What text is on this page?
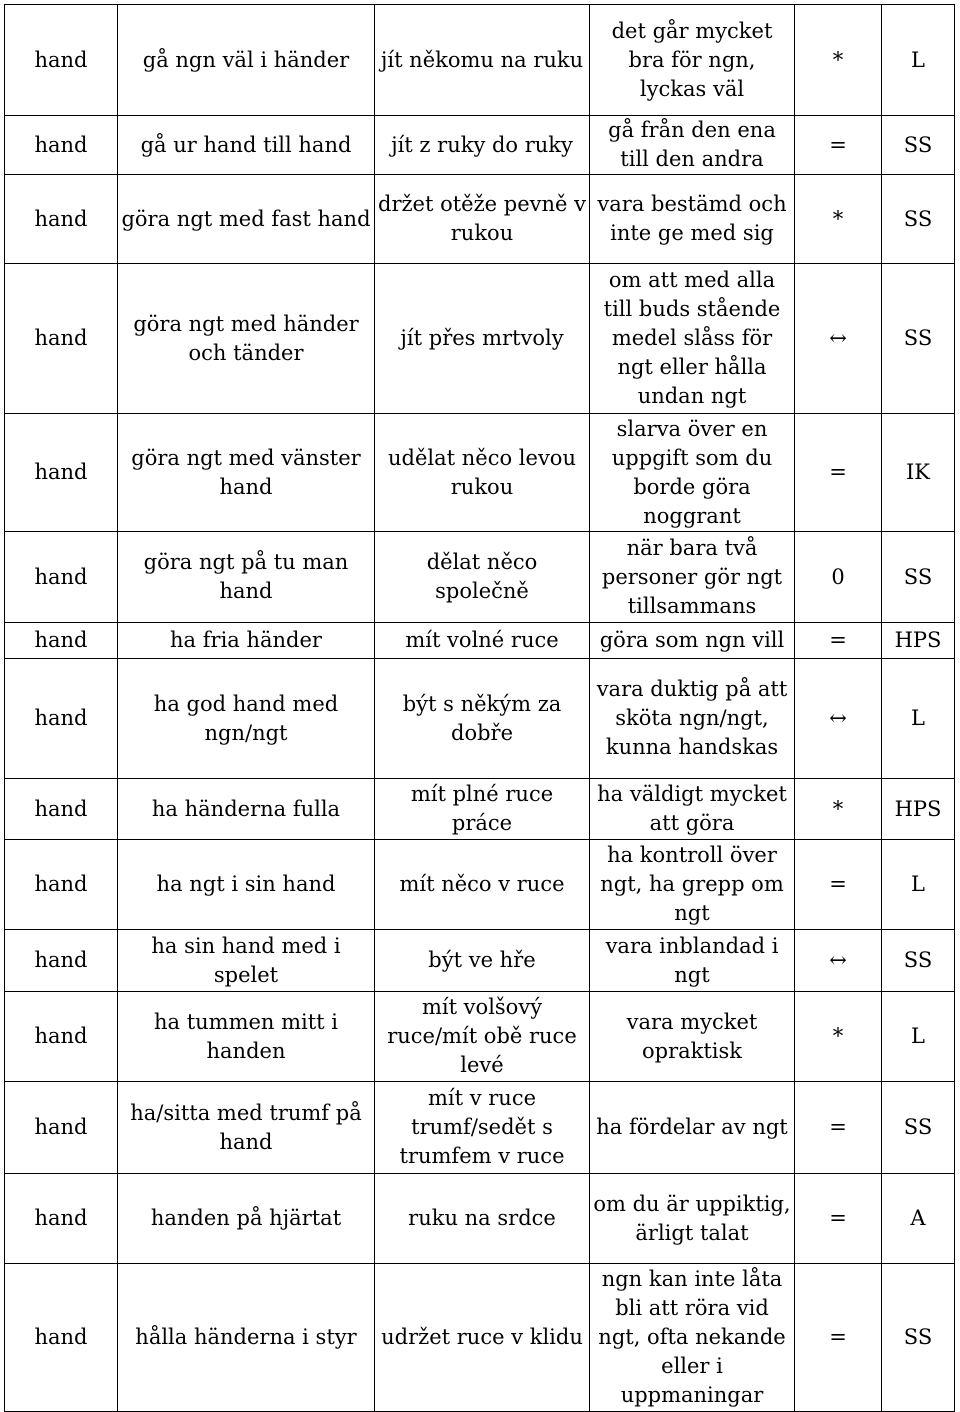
hand	gå ngn väl i händer	jít někomu na ruku	det går mycket bra för ngn, lyckas väl	*	L
hand	gå ur hand till hand	jít z ruky do ruky	gå från den ena till den andra	=	SS
hand	göra ngt med fast hand	držet otěže pevně v rukou	vara bestämd och inte ge med sig	*	SS
hand	göra ngt med händer och tänder	jít přes mrtvoly	om att med alla till buds stående medel slåss för ngt eller hålla undan ngt	↔	SS
hand	göra ngt med vänster hand	udělat něco levou rukou	slarva över en uppgift som du borde göra noggrant	=	IK
hand	göra ngt på tu man hand	dělat něco společně	när bara två personer gör ngt tillsammans	0	SS
hand	ha fria händer	mít volné ruce	göra som ngn vill	=	HPS
hand	ha god hand med ngn/ngt	být s někým za dobře	vara duktig på att sköta ngn/ngt, kunna handskas	↔	L
hand	ha händerna fulla	mít plné ruce práce	ha väldigt mycket att göra	*	HPS
hand	ha ngt i sin hand	mít něco v ruce	ha kontroll över ngt, ha grepp om ngt	=	L
hand	ha sin hand med i spelet	být ve hře	vara inblandad i ngt	↔	SS
hand	ha tummen mitt i handen	mít volšový ruce/mít obě ruce levé	vara mycket opraktisk	*	L
hand	ha/sitta med trumf på hand	mít v ruce trumf/sedět s trumfem v ruce	ha fördelar av ngt	=	SS
hand	handen på hjärtat	ruku na srdce	om du är uppiktig, ärligt talat	=	A
hand	hålla händerna i styr	udržet ruce v klidu	ngn kan inte låta bli att röra vid ngt, ofta nekande eller i uppmaningar	=	SS
